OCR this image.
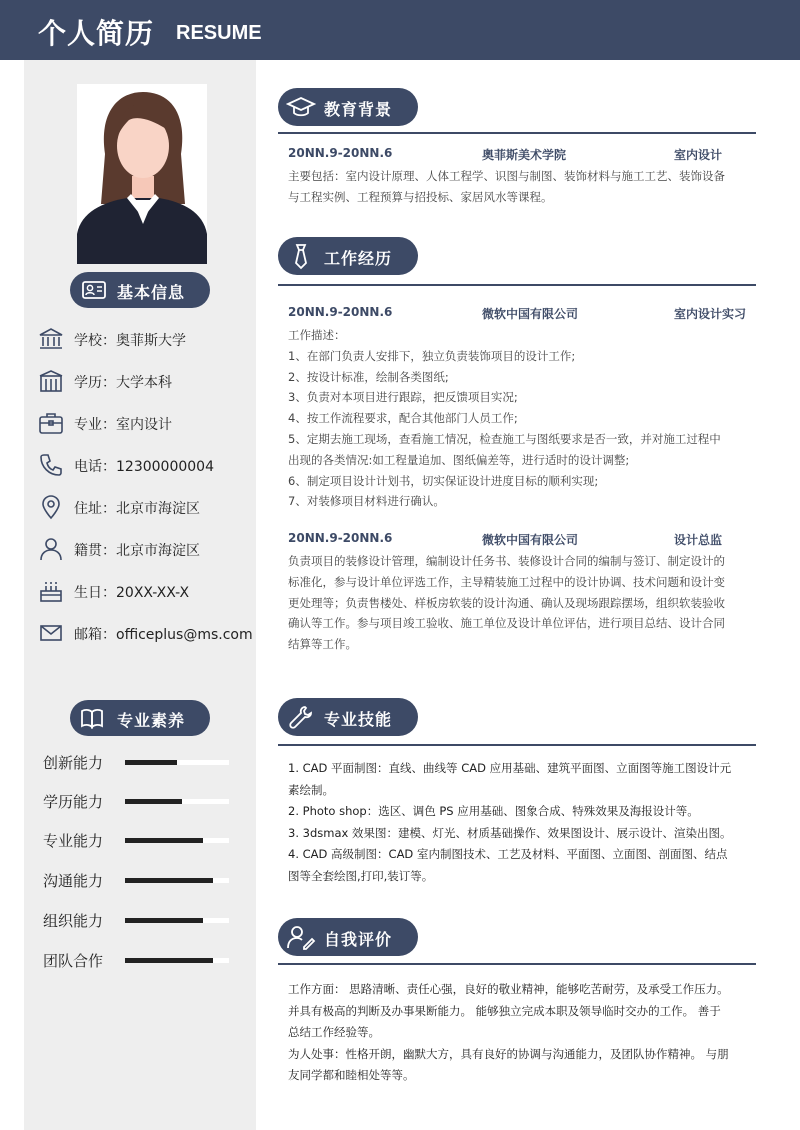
个人简历 RESUME
基本信息
学校：奥菲斯大学
学历：大学本科
专业：室内设计
电话：12300000004
住址：北京市海淀区
籍贯：北京市海淀区
生日：20XX-XX-X
邮箱：officeplus@ms.com
专业素养
创新能力
学历能力
专业能力
沟通能力
组织能力
团队合作
教育背景
20NN.9-20NN.6	奥菲斯美术学院	室内设计

主要包括：室内设计原理、人体工程学、识图与制图、装饰材料与施工工艺、装饰设备

与工程实例、工程预算与招投标、家居风水等课程。

工作经历
20NN.9-20NN.6	微软中国有限公司	室内设计实习

工作描述：

1、在部门负责人安排下，独立负责装饰项目的设计工作;

2、按设计标准，绘制各类图纸;

3、负责对本项目进行跟踪，把反馈项目实况;

4、按工作流程要求，配合其他部门人员工作;

5、定期去施工现场，查看施工情况，检查施工与图纸要求是否一致，并对施工过程中

出现的各类情况:如工程量追加、图纸偏差等，进行适时的设计调整;

6、制定项目设计计划书，切实保证设计进度目标的顺利实现;

7、对装修项目材料进行确认。

20NN.9-20NN.6	微软中国有限公司	设计总监

负责项目的装修设计管理，编制设计任务书、装修设计合同的编制与签订、制定设计的

标准化，参与设计单位评选工作，主导精装施工过程中的设计协调、技术问题和设计变

更处理等；负责售楼处、样板房软装的设计沟通、确认及现场跟踪摆场，组织软装验收

确认等工作。参与项目竣工验收、施工单位及设计单位评估，进行项目总结、设计合同

结算等工作。

专业技能

1. CAD 平面制图：直线、曲线等 CAD 应用基础、建筑平面图、立面图等施工图设计元

素绘制。

2. Photo shop：选区、调色 PS 应用基础、图象合成、特殊效果及海报设计等。

3. 3dsmax 效果图：建模、灯光、材质基础操作、效果图设计、展示设计、渲染出图。

4. CAD 高级制图：CAD 室内制图技术、工艺及材料、平面图、立面图、剖面图、结点

图等全套绘图,打印,装订等。

自我评价

工作方面： 思路清晰、责任心强，良好的敬业精神，能够吃苦耐劳，及承受工作压力。

并具有极高的判断及办事果断能力。 能够独立完成本职及领导临时交办的工作。 善于

总结工作经验等。

为人处事：性格开朗，幽默大方，具有良好的协调与沟通能力，及团队协作精神。 与朋

友同学都和睦相处等等。
